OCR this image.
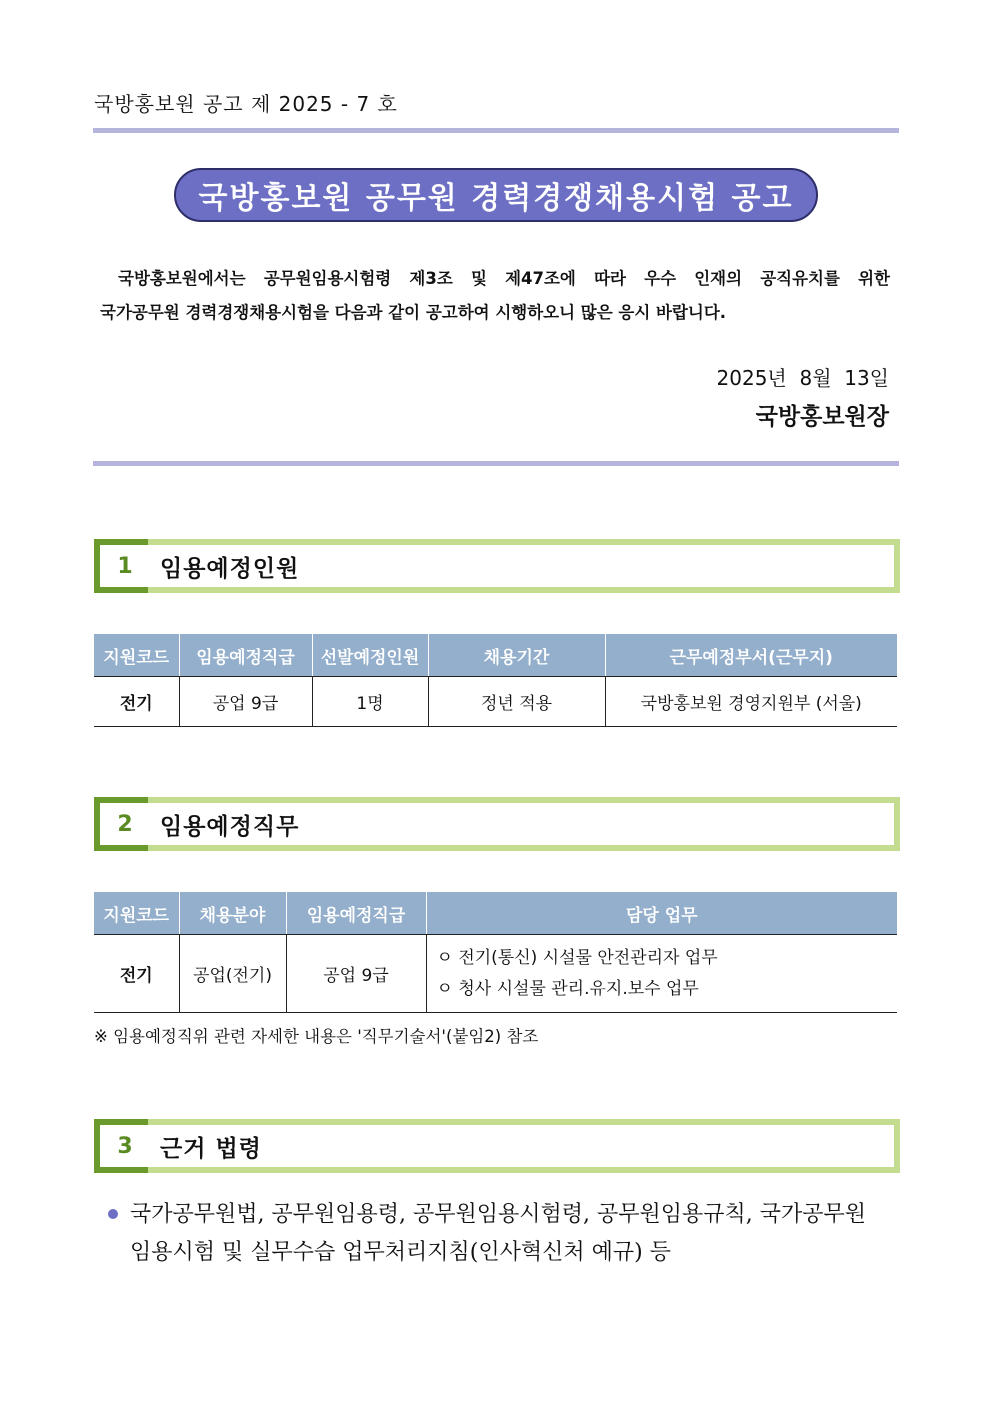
국방홍보원 공고 제 2025 - 7 호
국방홍보원 공무원 경력경쟁채용시험 공고
국방홍보원에서는 공무원임용시험령 제3조 및 제47조에 따라 우수 인재의 공직유치를 위한
국가공무원 경력경쟁채용시험을 다음과 같이 공고하여 시행하오니 많은 응시 바랍니다.
2025년  8월  13일
국방홍보원장
1	임용예정인원
지원코드	임용예정직급	선발예정인원	채용기간	근무예정부서(근무지)
전기	공업 9급	1명	정년 적용	국방홍보원 경영지원부 (서울)
2	임용예정직무
지원코드	채용분야	임용예정직급	담당 업무
전기	공업(전기)	공업 9급	ㅇ 전기(통신) 시설물 안전관리자 업무
ㅇ 청사 시설물 관리.유지.보수 업무
※ 임용예정직위 관련 자세한 내용은 '직무기술서'(붙임2) 참조
3	근거 법령
국가공무원법, 공무원임용령, 공무원임용시험령, 공무원임용규칙, 국가공무원
임용시험 및 실무수습 업무처리지침(인사혁신처 예규) 등
